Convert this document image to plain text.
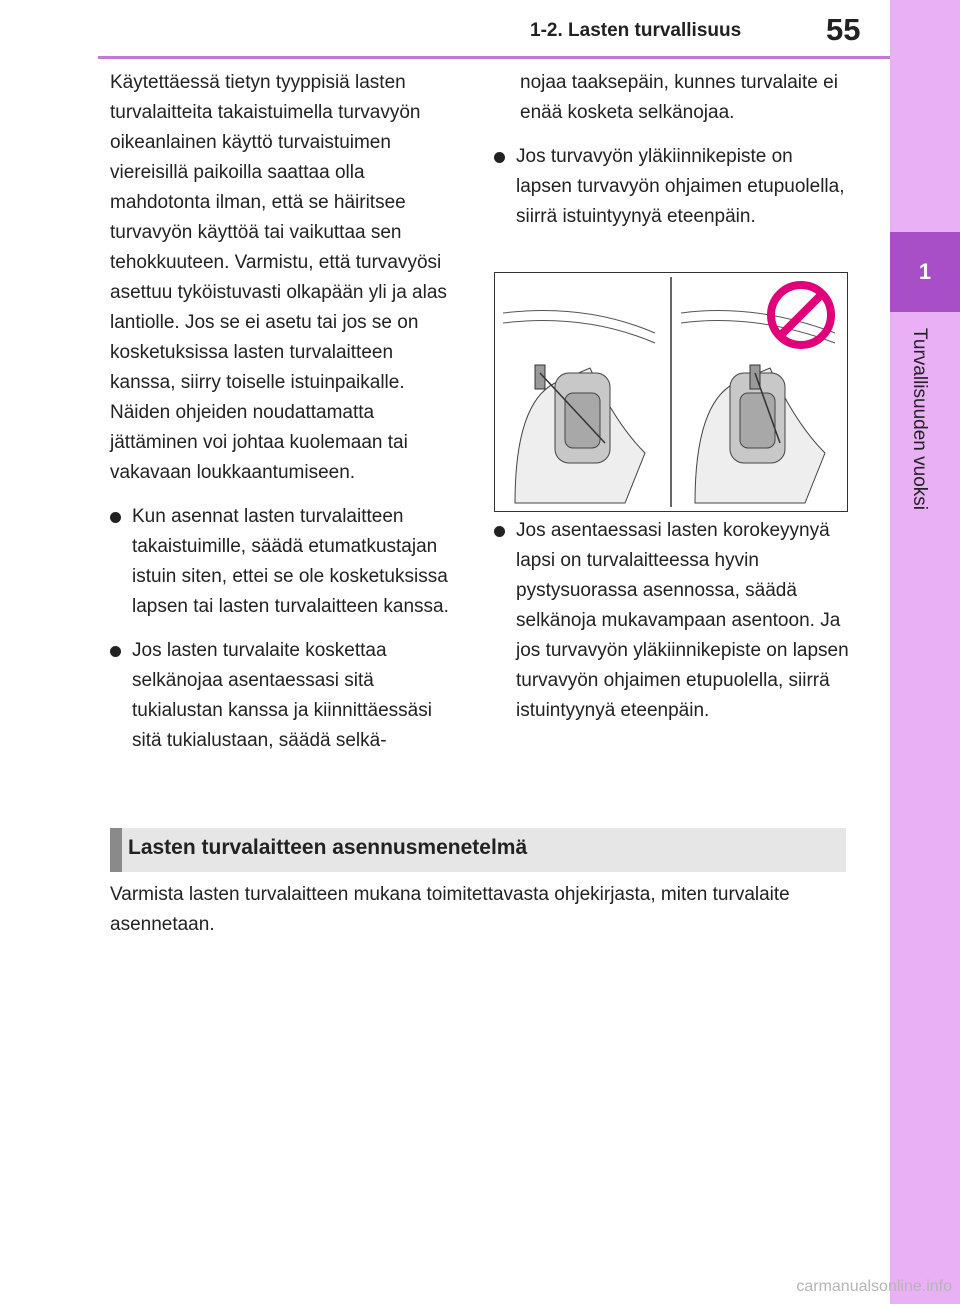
1-2. Lasten turvallisuus	55
1
Turvallisuuden vuoksi

Käytettäessä tietyn tyyppisiä lasten turvalaitteita takaistuimella turvavyön oikeanlainen käyttö turvaistuimen viereisillä paikoilla saattaa olla mahdotonta ilman, että se häiritsee turvavyön käyttöä tai vaikuttaa sen tehokkuuteen. Varmistu, että turvavyösi asettuu tyköistuvasti olkapään yli ja alas lantiolle. Jos se ei asetu tai jos se on kosketuksissa lasten turvalaitteen kanssa, siirry toiselle istuinpaikalle. Näiden ohjeiden noudattamatta jättäminen voi johtaa kuolemaan tai vakavaan loukkaantumiseen.

Kun asennat lasten turvalaitteen takaistuimille, säädä etumatkustajan istuin siten, ettei se ole kosketuksissa lapsen tai lasten turvalaitteen kanssa.
Jos lasten turvalaite koskettaa selkänojaa asentaessasi sitä tukialustan kanssa ja kiinnittäessäsi sitä tukialustaan, säädä selkä-

nojaa taaksepäin, kunnes turvalaite ei enää kosketa selkänojaa.

Jos turvavyön yläkiinnikepiste on lapsen turvavyön ohjaimen etupuolella, siirrä istuintyynyä eteenpäin.
Jos asentaessasi lasten korokeyynyä lapsi on turvalaitteessa hyvin pystysuorassa asennossa, säädä selkänoja mukavampaan asentoon. Ja jos turvavyön yläkiinnikepiste on lapsen turvavyön ohjaimen etupuolella, siirrä istuintyynyä eteenpäin.
Lasten turvalaitteen asennusmenetelmä
Varmista lasten turvalaitteen mukana toimitettavasta ohjekirjasta, miten turvalaite asennetaan.
carmanualsonline.info
